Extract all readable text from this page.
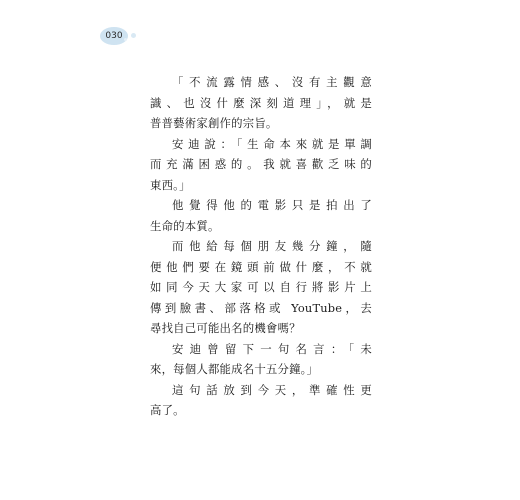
030
「不流露情感、沒有主觀意
識、也沒什麼深刻道理」，就是
普普藝術家創作的宗旨。
安迪說：「生命本來就是單調
而充滿困惑的。我就喜歡乏味的
東西。」
他覺得他的電影只是拍出了
生命的本質。
而他給每個朋友幾分鐘，隨
便他們要在鏡頭前做什麼，不就
如同今天大家可以自行將影片上
傳到臉書、部落格或 YouTube，去
尋找自己可能出名的機會嗎？
安迪曾留下一句名言：「未
來，每個人都能成名十五分鐘。」
這句話放到今天，準確性更
高了。
